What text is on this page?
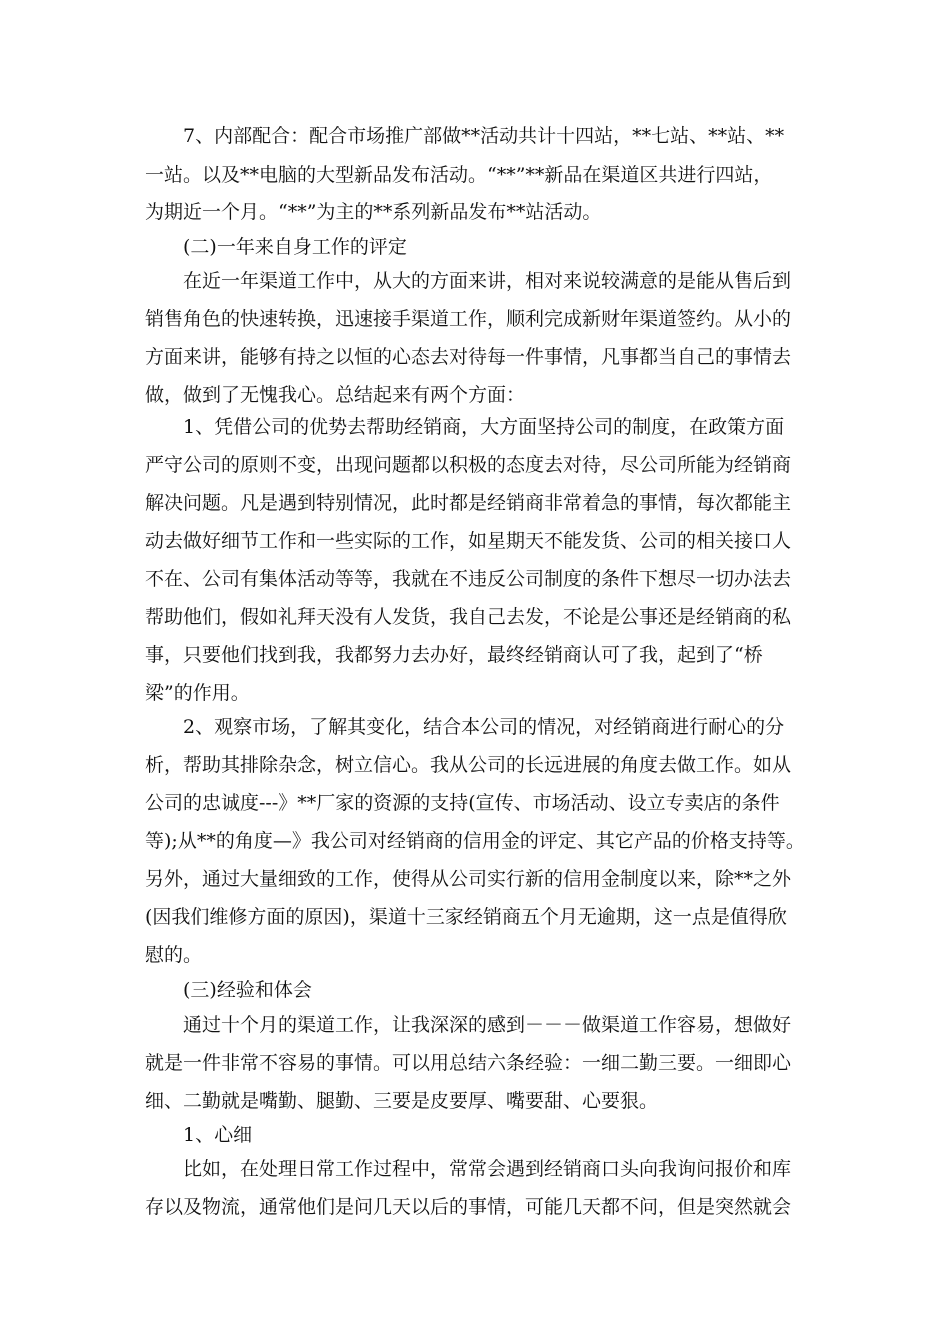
　　7、内部配合：配合市场推广部做**活动共计十四站，**七站、**站、**

一站。以及**电脑的大型新品发布活动。“**”**新品在渠道区共进行四站，

为期近一个月。“**”为主的**系列新品发布**站活动。

　　(二)一年来自身工作的评定

　　在近一年渠道工作中，从大的方面来讲，相对来说较满意的是能从售后到

销售角色的快速转换，迅速接手渠道工作，顺利完成新财年渠道签约。从小的

方面来讲，能够有持之以恒的心态去对待每一件事情，凡事都当自己的事情去

做，做到了无愧我心。总结起来有两个方面：

　　1、凭借公司的优势去帮助经销商，大方面坚持公司的制度，在政策方面

严守公司的原则不变，出现问题都以积极的态度去对待，尽公司所能为经销商

解决问题。凡是遇到特别情况，此时都是经销商非常着急的事情，每次都能主

动去做好细节工作和一些实际的工作，如星期天不能发货、公司的相关接口人

不在、公司有集体活动等等，我就在不违反公司制度的条件下想尽一切办法去

帮助他们，假如礼拜天没有人发货，我自己去发，不论是公事还是经销商的私

事，只要他们找到我，我都努力去办好，最终经销商认可了我，起到了“桥

梁”的作用。

　　2、观察市场，了解其变化，结合本公司的情况，对经销商进行耐心的分

析，帮助其排除杂念，树立信心。我从公司的长远进展的角度去做工作。如从

公司的忠诚度---》**厂家的资源的支持(宣传、市场活动、设立专卖店的条件

等);从**的角度—》我公司对经销商的信用金的评定、其它产品的价格支持等。

另外，通过大量细致的工作，使得从公司实行新的信用金制度以来，除**之外

(因我们维修方面的原因)，渠道十三家经销商五个月无逾期，这一点是值得欣

慰的。

　　(三)经验和体会

　　通过十个月的渠道工作，让我深深的感到－－－做渠道工作容易，想做好

就是一件非常不容易的事情。可以用总结六条经验：一细二勤三要。一细即心

细、二勤就是嘴勤、腿勤、三要是皮要厚、嘴要甜、心要狠。

　　1、心细

　　比如，在处理日常工作过程中，常常会遇到经销商口头向我询问报价和库

存以及物流，通常他们是问几天以后的事情，可能几天都不问，但是突然就会
